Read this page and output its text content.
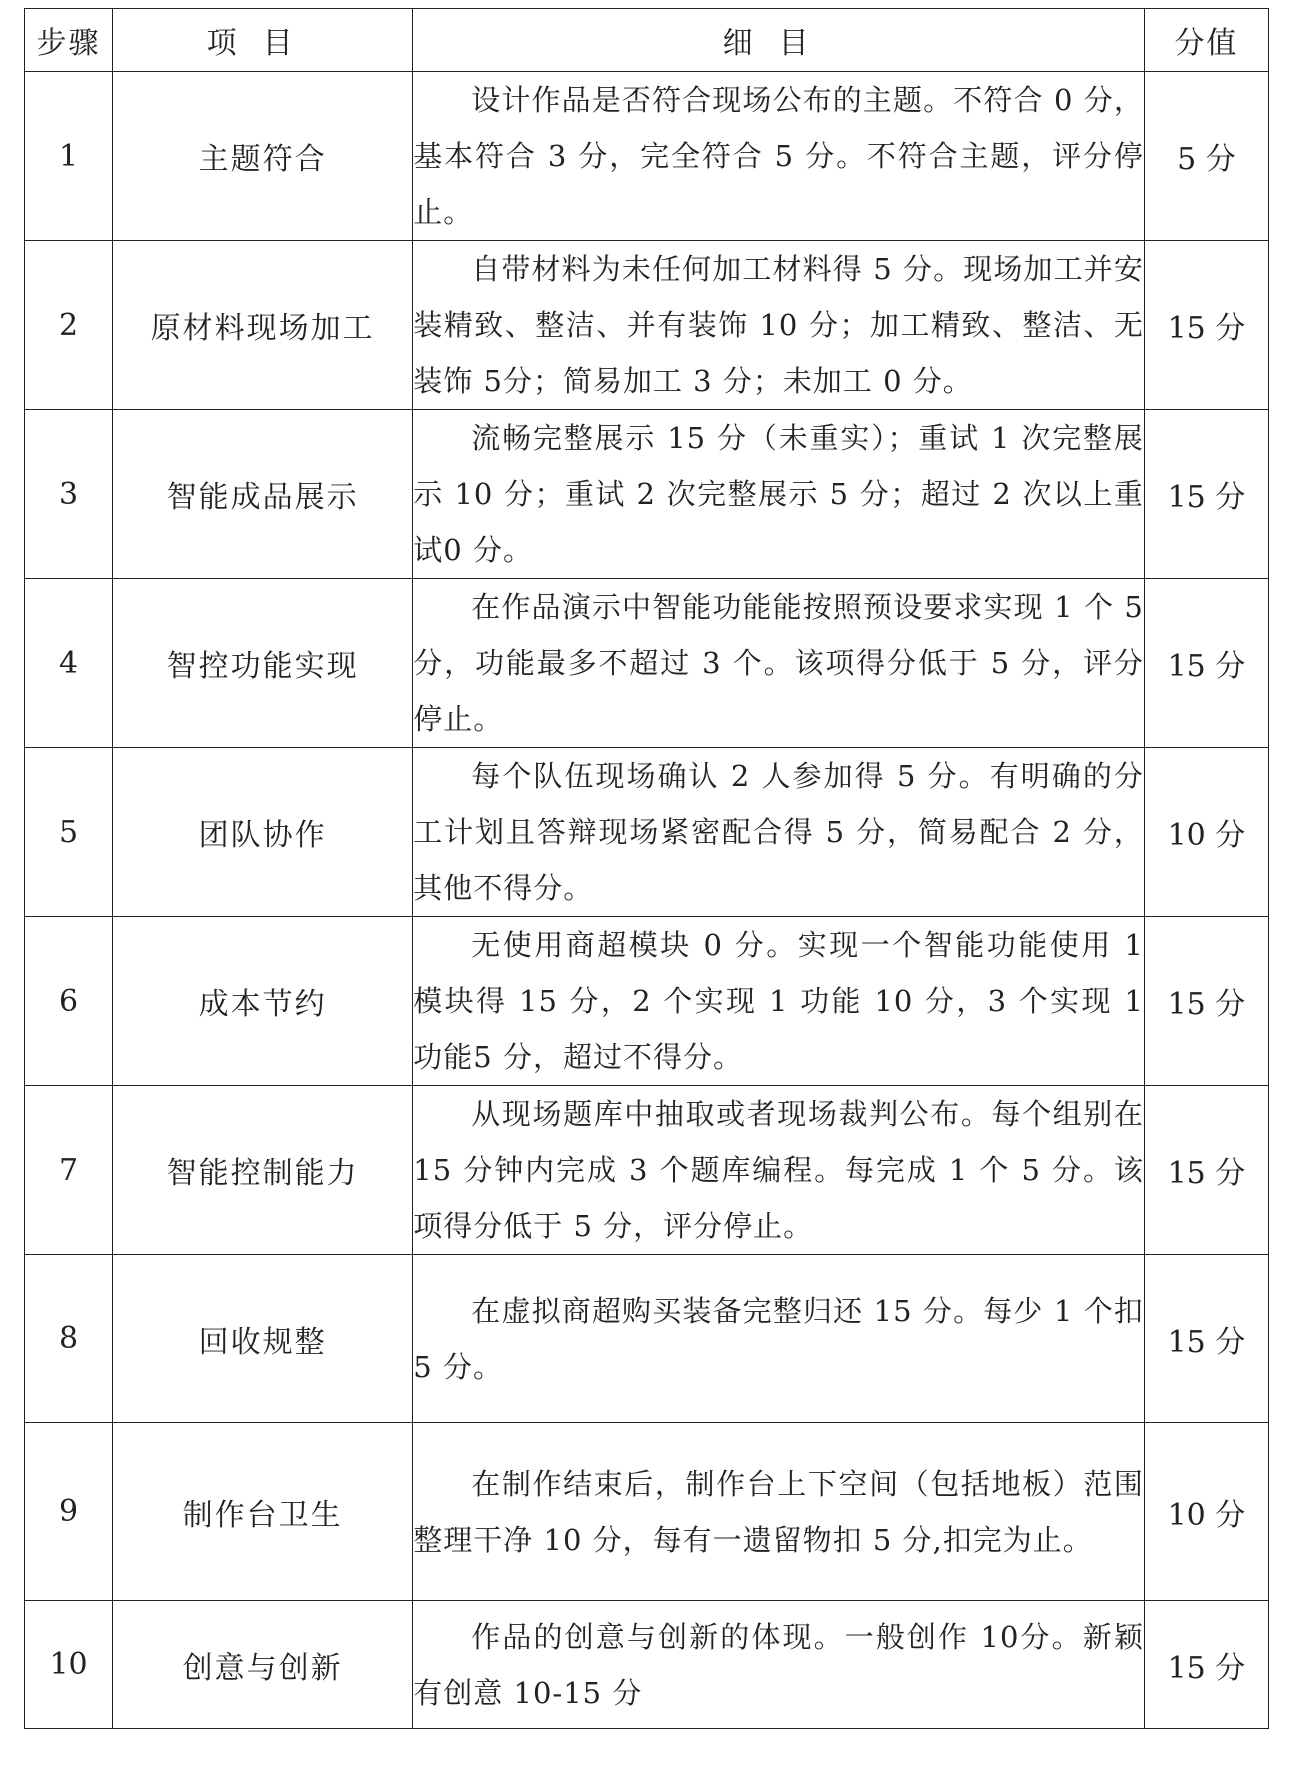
步骤	项目	细目	分值
1	主题符合	设计作品是否符合现场公布的主题。不符合 0 分，基本符合 3 分，完全符合 5 分。不符合主题，评分停止。	5 分
2	原材料现场加工	自带材料为未任何加工材料得 5 分。现场加工并安装精致、整洁、并有装饰 10 分；加工精致、整洁、无装饰 5分；简易加工 3 分；未加工 0 分。	15 分
3	智能成品展示	流畅完整展示 15 分（未重实）；重试 1 次完整展示 10 分；重试 2 次完整展示 5 分；超过 2 次以上重试0 分。	15 分
4	智控功能实现	在作品演示中智能功能能按照预设要求实现 1 个 5分，功能最多不超过 3 个。该项得分低于 5 分，评分停止。	15 分
5	团队协作	每个队伍现场确认 2 人参加得 5 分。有明确的分工计划且答辩现场紧密配合得 5 分，简易配合 2 分， 其他不得分。	10 分
6	成本节约	无使用商超模块 0 分。实现一个智能功能使用 1 模块得 15 分，2 个实现 1 功能 10 分，3 个实现 1 功能5 分，超过不得分。	15 分
7	智能控制能力	从现场题库中抽取或者现场裁判公布。每个组别在15 分钟内完成 3 个题库编程。每完成 1 个 5 分。该项得分低于 5 分，评分停止。	15 分
8	回收规整	在虚拟商超购买装备完整归还 15 分。每少 1 个扣 5 分。	15 分
9	制作台卫生	在制作结束后，制作台上下空间（包括地板）范围整理干净 10 分，每有一遗留物扣 5 分,扣完为止。	10 分
10	创意与创新	作品的创意与创新的体现。一般创作 10分。新颖有创意 10-15 分	15 分
